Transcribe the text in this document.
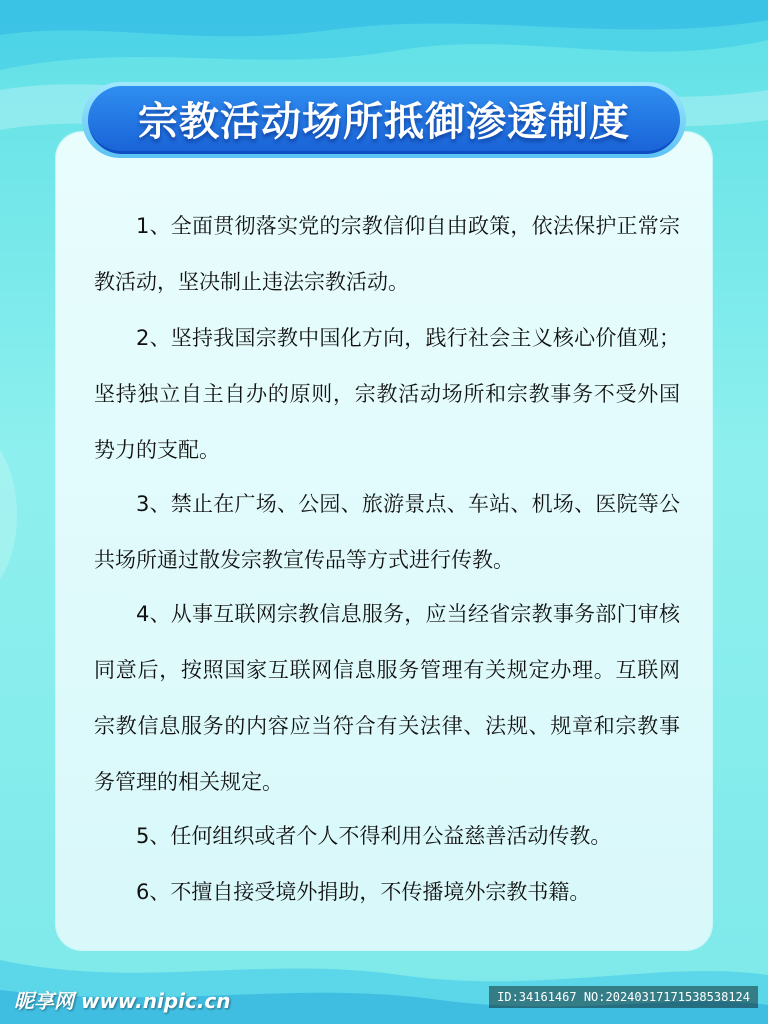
宗教活动场所抵御渗透制度

1、全面贯彻落实党的宗教信仰自由政策，依法保护正常宗教活动，坚决制止违法宗教活动。

2、坚持我国宗教中国化方向，践行社会主义核心价值观；坚持独立自主自办的原则，宗教活动场所和宗教事务不受外国势力的支配。

3、禁止在广场、公园、旅游景点、车站、机场、医院等公共场所通过散发宗教宣传品等方式进行传教。

4、从事互联网宗教信息服务，应当经省宗教事务部门审核同意后，按照国家互联网信息服务管理有关规定办理。互联网宗教信息服务的内容应当符合有关法律、法规、规章和宗教事务管理的相关规定。

5、任何组织或者个人不得利用公益慈善活动传教。

6、不擅自接受境外捐助，不传播境外宗教书籍。

昵享网 www.nipic.cn	ID:34161467 NO:20240317171538538124
